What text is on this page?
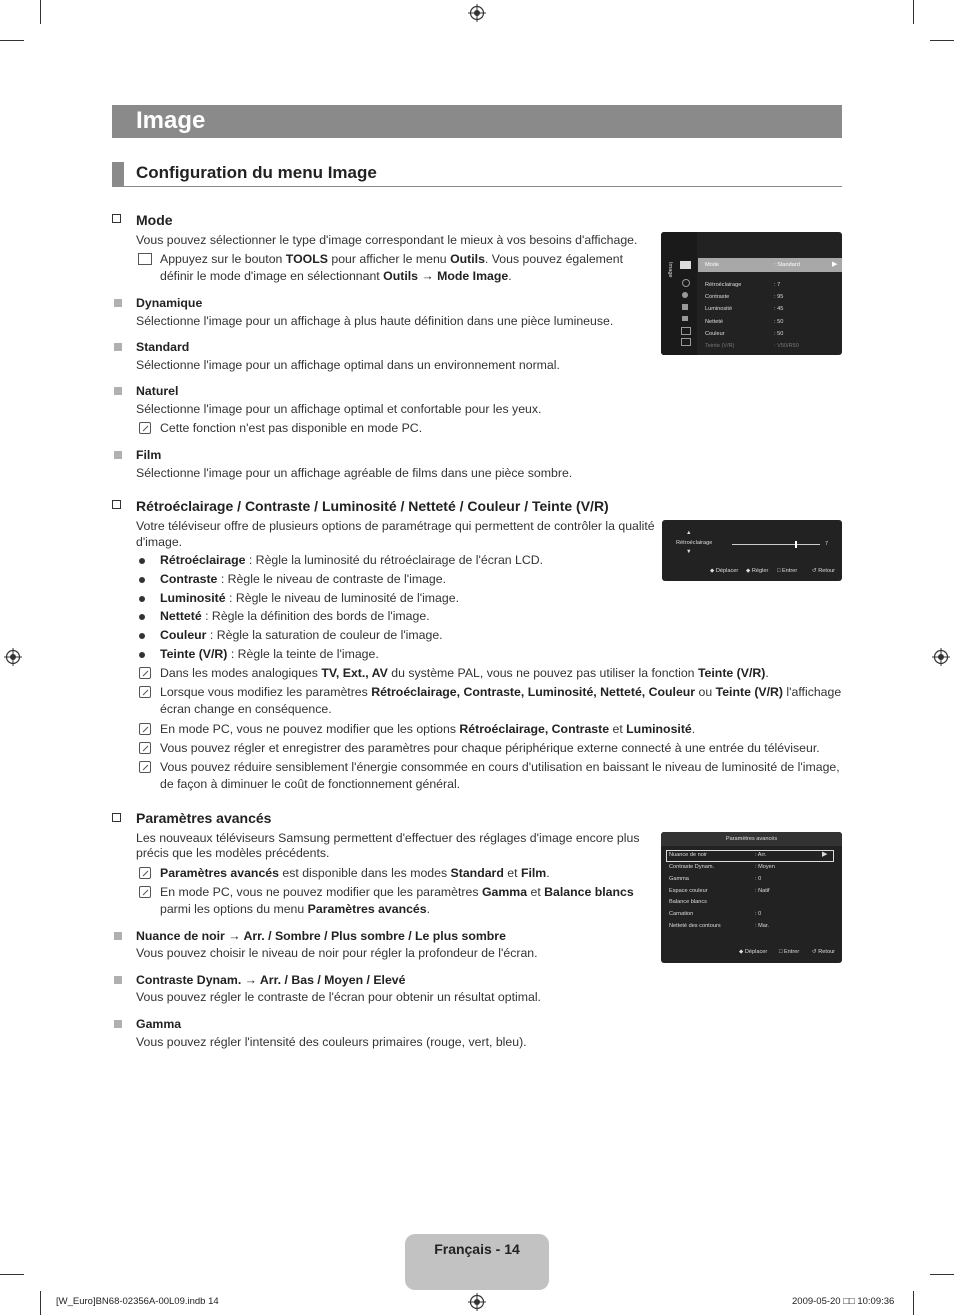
Image
Configuration du menu Image
Mode
Vous pouvez sélectionner le type d'image correspondant le mieux à vos besoins d'affichage.
Appuyez sur le bouton TOOLS pour afficher le menu Outils. Vous pouvez également
définir le mode d'image en sélectionnant Outils → Mode Image.
Dynamique
Sélectionne l'image pour un affichage à plus haute définition dans une pièce lumineuse.
Standard
Sélectionne l'image pour un affichage optimal dans un environnement normal.
Naturel
Sélectionne l'image pour un affichage optimal et confortable pour les yeux.
Cette fonction n'est pas disponible en mode PC.
Film
Sélectionne l'image pour un affichage agréable de films dans une pièce sombre.
Image	Mode	: Standard	▶
Rétroéclairage	: 7
Contraste	: 95
Luminosité	: 45
Netteté	: 50
Couleur	: 50
Teinte (V/R)	: V50/R50
Rétroéclairage / Contraste / Luminosité / Netteté / Couleur / Teinte (V/R)
Votre téléviseur offre de plusieurs options de paramétrage qui permettent de contrôler la qualité
d'image.
Rétroéclairage : Règle la luminosité du rétroéclairage de l'écran LCD.
Contraste : Règle le niveau de contraste de l'image.
Luminosité : Règle le niveau de luminosité de l'image.
Netteté : Règle la définition des bords de l'image.
Couleur : Règle la saturation de couleur de l'image.
Teinte (V/R) : Règle la teinte de l'image.
Dans les modes analogiques TV, Ext., AV du système PAL, vous ne pouvez pas utiliser la fonction Teinte (V/R).
Lorsque vous modifiez les paramètres Rétroéclairage, Contraste, Luminosité, Netteté, Couleur ou Teinte (V/R) l'affichage
écran change en conséquence.
En mode PC, vous ne pouvez modifier que les options Rétroéclairage, Contraste et Luminosité.
Vous pouvez régler et enregistrer des paramètres pour chaque périphérique externe connecté à une entrée du téléviseur.
Vous pouvez réduire sensiblement l'énergie consommée en cours d'utilisation en baissant le niveau de luminosité de l'image,
de façon à diminuer le coût de fonctionnement général.
▲
Rétroéclairage
▼
7
◆ Déplacer ◆ Régler □ Entrer	↺ Retour
Paramètres avancés
Les nouveaux téléviseurs Samsung permettent d'effectuer des réglages d'image encore plus
précis que les modèles précédents.
Paramètres avancés est disponible dans les modes Standard et Film.
En mode PC, vous ne pouvez modifier que les paramètres Gamma et Balance blancs
parmi les options du menu Paramètres avancés.
Nuance de noir → Arr. / Sombre / Plus sombre / Le plus sombre
Vous pouvez choisir le niveau de noir pour régler la profondeur de l'écran.
Contraste Dynam. → Arr. / Bas / Moyen / Elevé
Vous pouvez régler le contraste de l'écran pour obtenir un résultat optimal.
Gamma
Vous pouvez régler l'intensité des couleurs primaires (rouge, vert, bleu).
Paramètres avancés
▶
Nuance de noir	: Arr.
Contraste Dynam.	: Moyen
Gamma	: 0
Espace couleur	: Natif
Balance blancs
Carnation	: 0
Netteté des contours	: Mar.
◆ Déplacer □ Entrer ↺ Retour
Français - 14
[W_Euro]BN68-02356A-00L09.indb 14	2009-05-20 □□ 10:09:36
